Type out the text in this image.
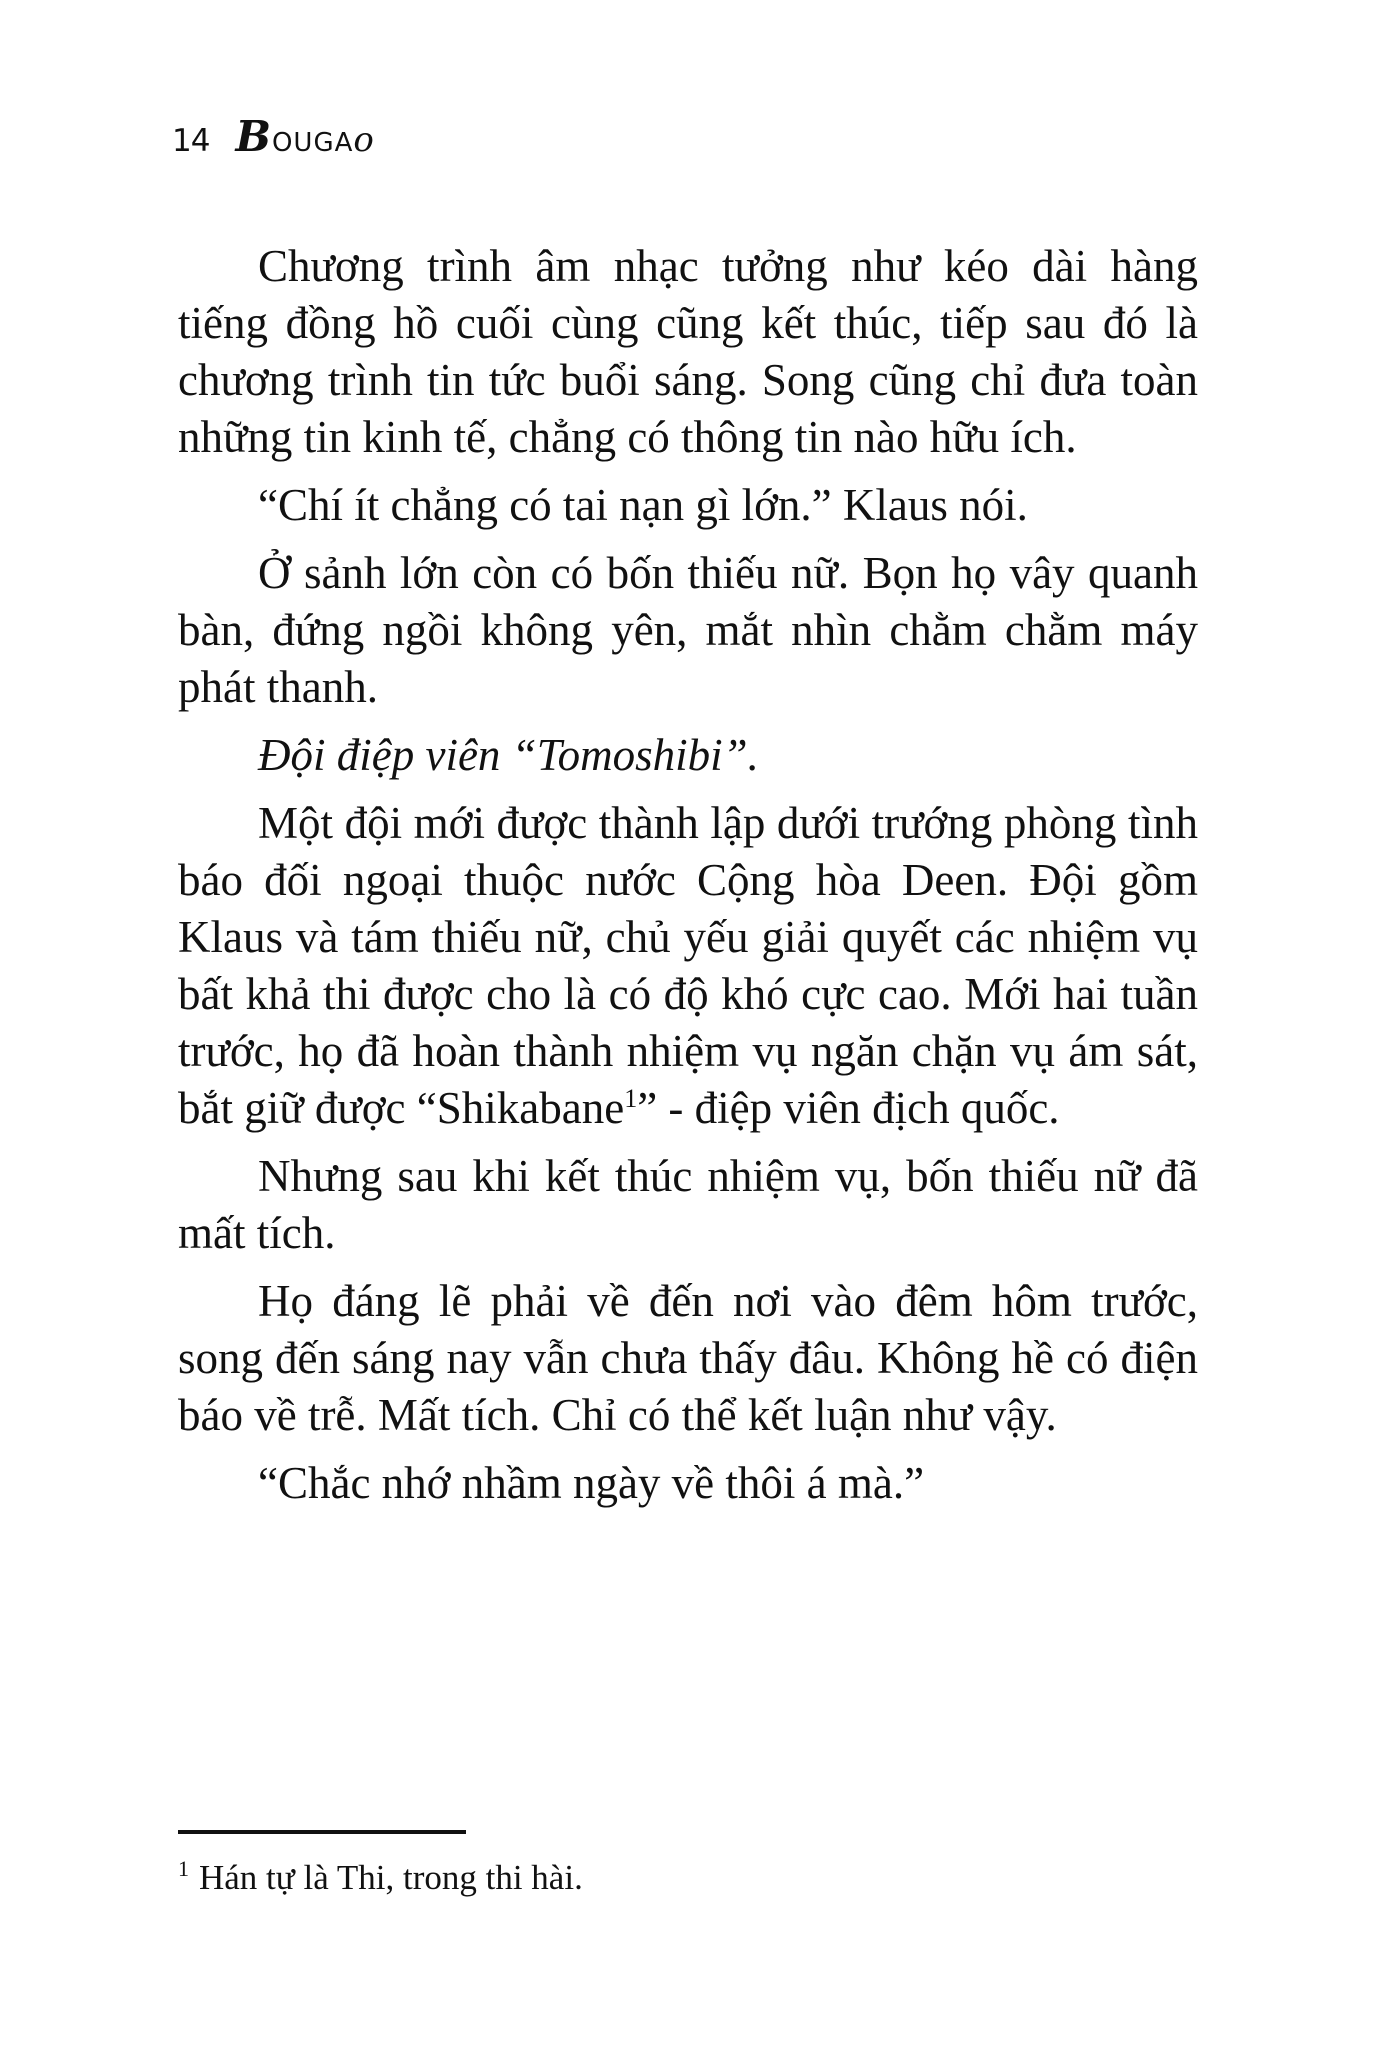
14 B OUGA o

Chương trình âm nhạc tưởng như kéo dài hàng tiếng đồng hồ cuối cùng cũng kết thúc, tiếp sau đó là chương trình tin tức buổi sáng. Song cũng chỉ đưa toàn những tin kinh tế, chẳng có thông tin nào hữu ích.

“Chí ít chẳng có tai nạn gì lớn.” Klaus nói.

Ở sảnh lớn còn có bốn thiếu nữ. Bọn họ vây quanh bàn, đứng ngồi không yên, mắt nhìn chằm chằm máy phát thanh.

Đội điệp viên “Tomoshibi”.

Một đội mới được thành lập dưới trướng phòng tình báo đối ngoại thuộc nước Cộng hòa Deen. Đội gồm Klaus và tám thiếu nữ, chủ yếu giải quyết các nhiệm vụ bất khả thi được cho là có độ khó cực cao. Mới hai tuần trước, họ đã hoàn thành nhiệm vụ ngăn chặn vụ ám sát, bắt giữ được “Shikabane$^1$” - điệp viên địch quốc.

Nhưng sau khi kết thúc nhiệm vụ, bốn thiếu nữ đã mất tích.

Họ đáng lẽ phải về đến nơi vào đêm hôm trước, song đến sáng nay vẫn chưa thấy đâu. Không hề có điện báo về trễ. Mất tích. Chỉ có thể kết luận như vậy.

“Chắc nhớ nhầm ngày về thôi á mà.”

$^1$ Hán tự là Thi, trong thi hài.
